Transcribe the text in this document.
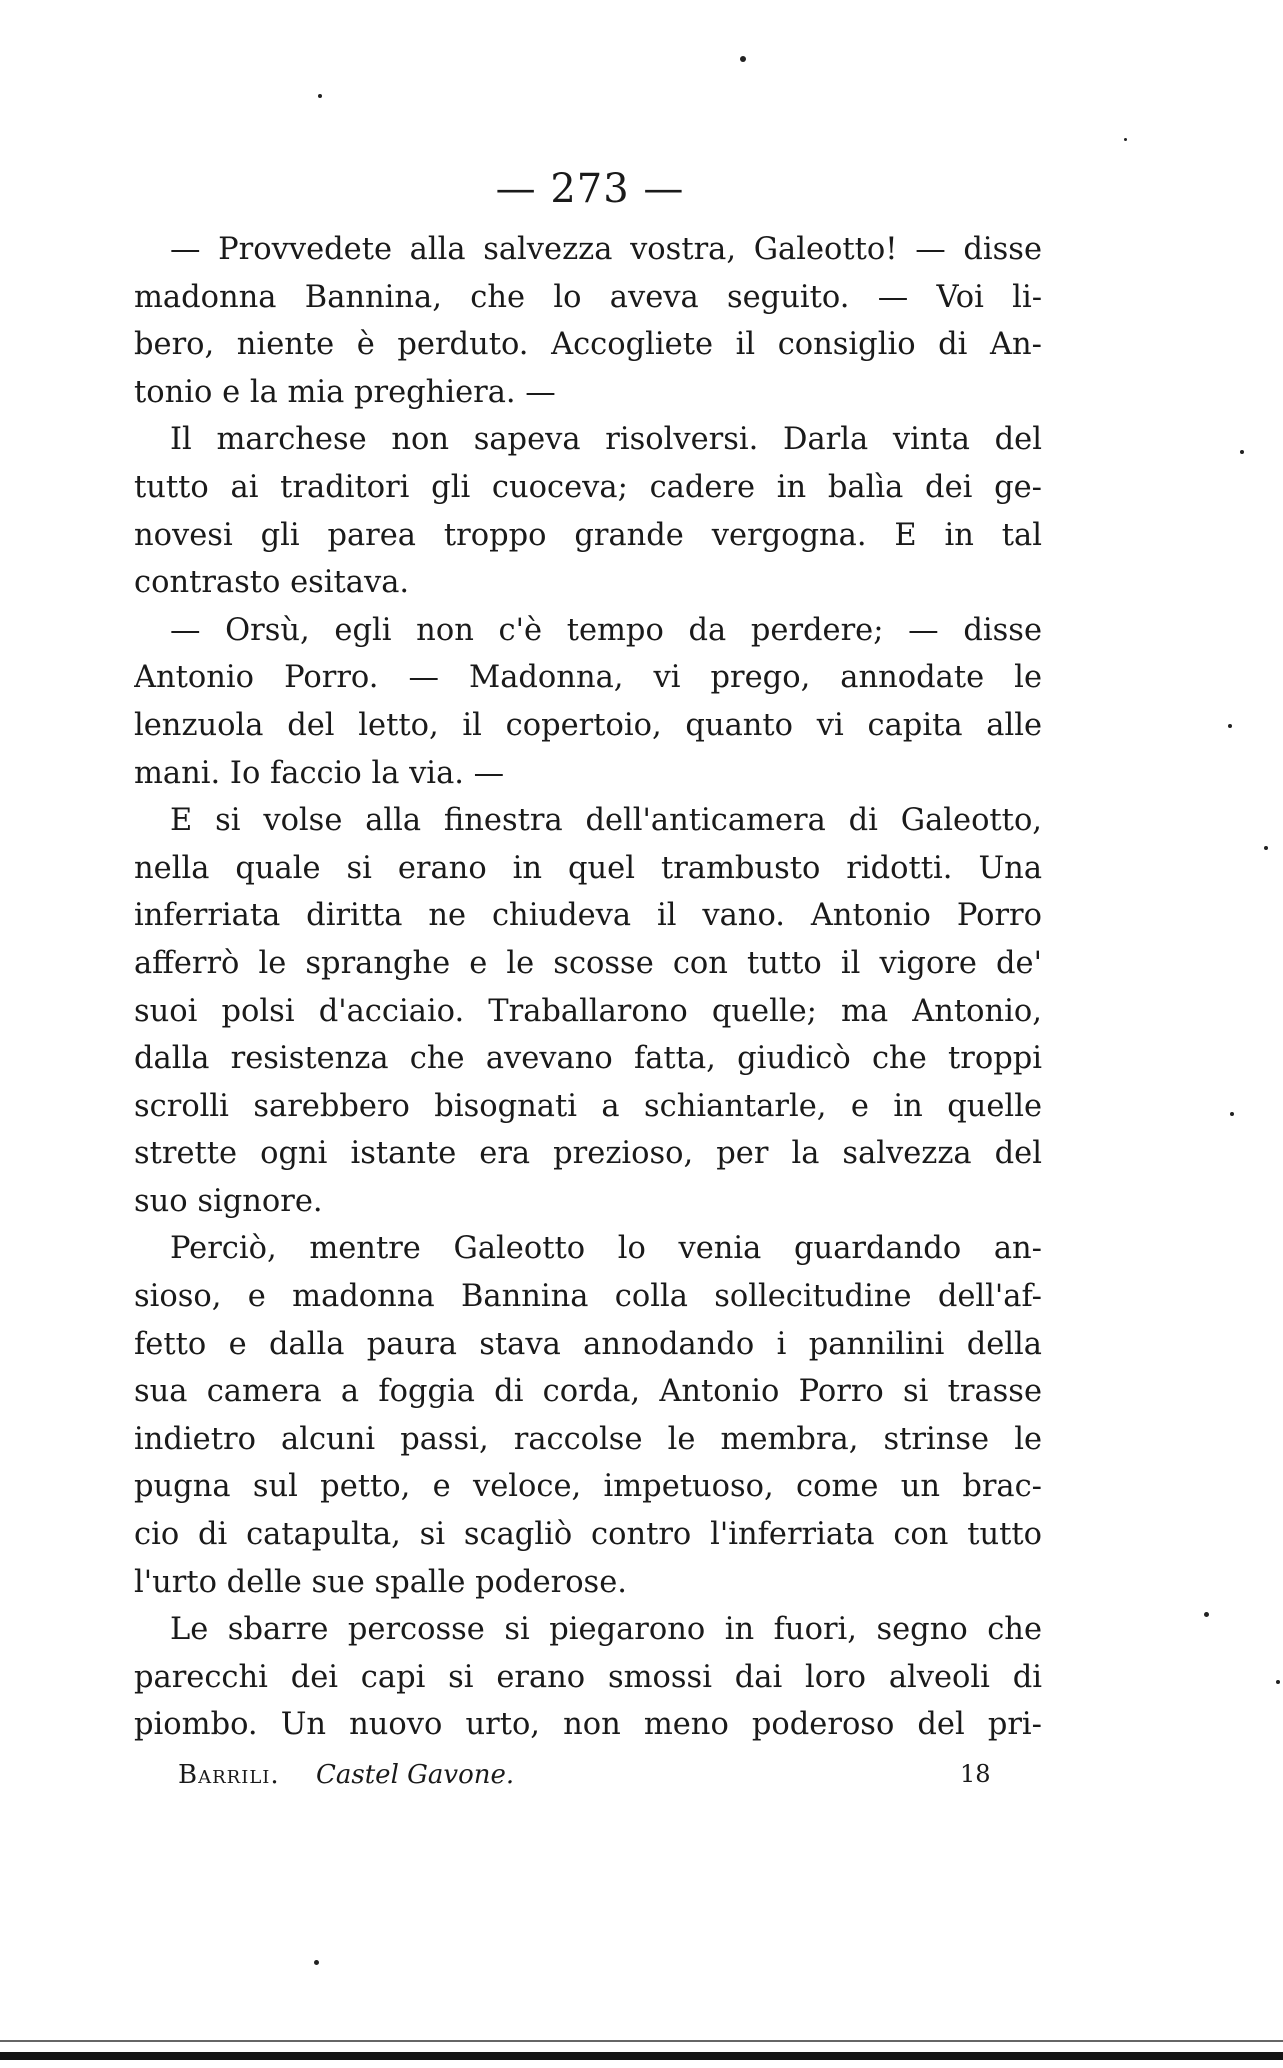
— 273 —
— Provvedete alla salvezza vostra, Galeotto! — disse
madonna Bannina, che lo aveva seguito. — Voi li-
bero, niente è perduto. Accogliete il consiglio di An-
tonio e la mia preghiera. —
Il marchese non sapeva risolversi. Darla vinta del
tutto ai traditori gli cuoceva; cadere in balìa dei ge-
novesi gli parea troppo grande vergogna. E in tal
contrasto esitava.
— Orsù, egli non c'è tempo da perdere; — disse
Antonio Porro. — Madonna, vi prego, annodate le
lenzuola del letto, il copertoio, quanto vi capita alle
mani. Io faccio la via. —
E si volse alla finestra dell'anticamera di Galeotto,
nella quale si erano in quel trambusto ridotti. Una
inferriata diritta ne chiudeva il vano. Antonio Porro
afferrò le spranghe e le scosse con tutto il vigore de'
suoi polsi d'acciaio. Traballarono quelle; ma Antonio,
dalla resistenza che avevano fatta, giudicò che troppi
scrolli sarebbero bisognati a schiantarle, e in quelle
strette ogni istante era prezioso, per la salvezza del
suo signore.
Perciò, mentre Galeotto lo venia guardando an-
sioso, e madonna Bannina colla sollecitudine dell'af-
fetto e dalla paura stava annodando i pannilini della
sua camera a foggia di corda, Antonio Porro si trasse
indietro alcuni passi, raccolse le membra, strinse le
pugna sul petto, e veloce, impetuoso, come un brac-
cio di catapulta, si scagliò contro l'inferriata con tutto
l'urto delle sue spalle poderose.
Le sbarre percosse si piegarono in fuori, segno che
parecchi dei capi si erano smossi dai loro alveoli di
piombo. Un nuovo urto, non meno poderoso del pri-
Barrili. Castel Gavone.	18
